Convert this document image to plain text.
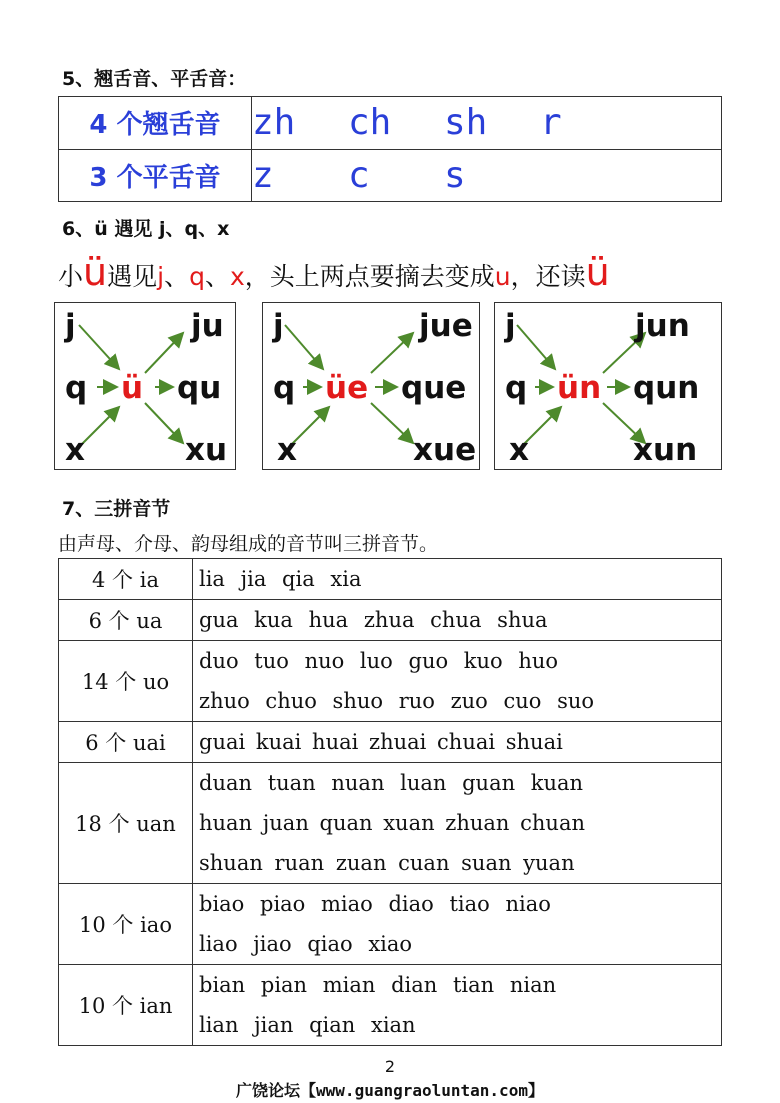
5、翘舌音、平舌音：
4 个翘舌音	zh ch sh r
3 个平舌音	z c s
6、ü 遇见 j、q、x
小ü遇见j、q、x，头上两点要摘去变成u，还读ü
j
q
x
ü
ju
qu
xu
j
q
x
üe
jue
que
xue
j
q
x
ün
jun
qun
xun
7、三拼音节
由声母、介母、韵母组成的音节叫三拼音节。
4 个 ia	lia jia qia xia

6 个 ua	gua kua hua zhua chua shua

14 个 uo	duo tuo nuo luo guo kuo huo
zhuo chuo shuo ruo zuo cuo suo

6 个 uai	guai kuai huai zhuai chuai shuai

18 个 uan	duan tuan nuan luan guan kuan
huan juan quan xuan zhuan chuan
shuan ruan zuan cuan suan yuan

10 个 iao	biao piao miao diao tiao niao
liao jiao qiao xiao

10 个 ian	bian pian mian dian tian nian
lian jian qian xian
2
广饶论坛【www.guangraoluntan.com】
